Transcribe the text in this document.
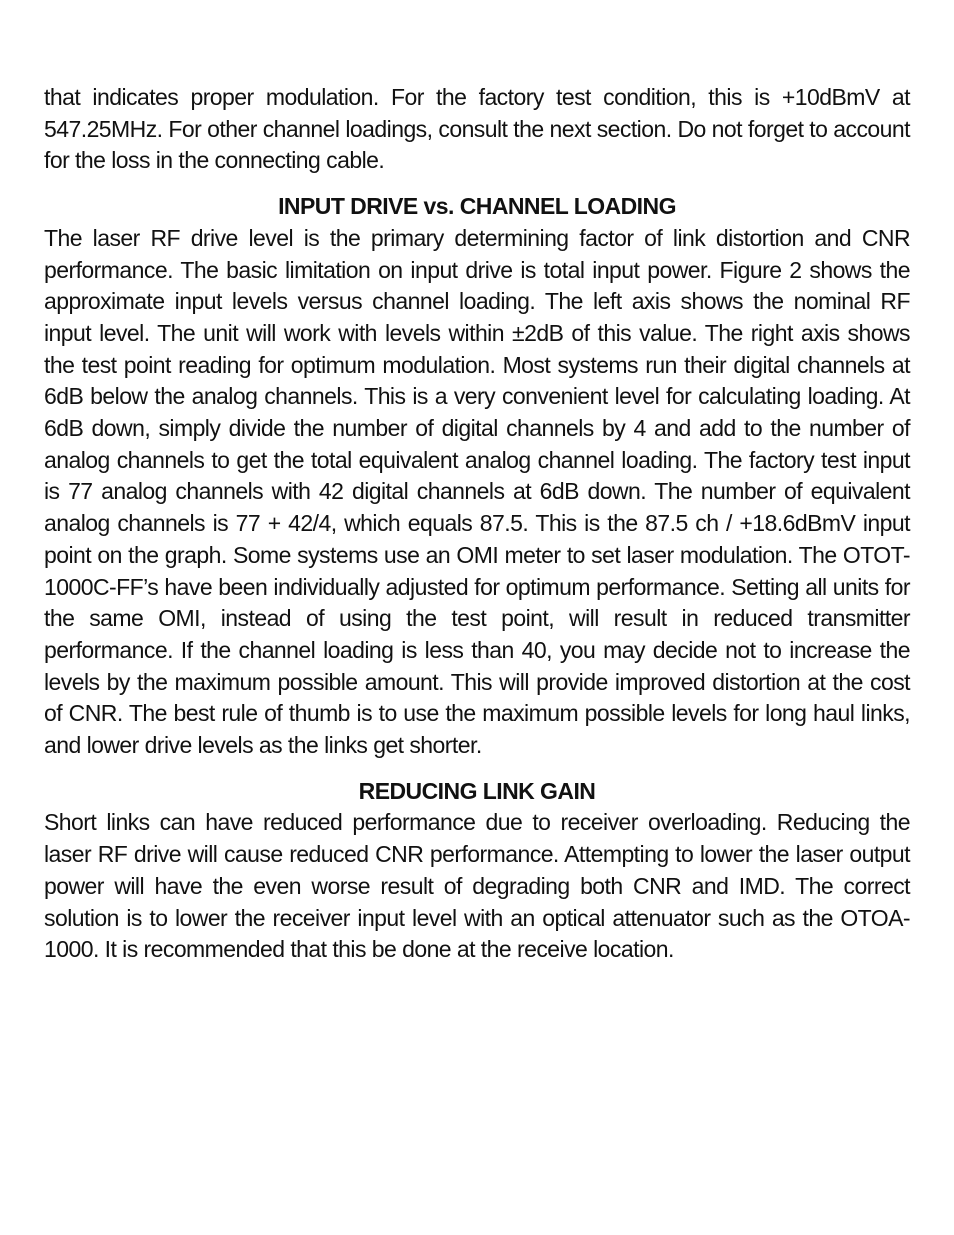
that indicates proper modulation. For the factory test condition, this is +10dBmV at 547.25MHz. For other channel loadings, consult the next section. Do not forget to account for the loss in the connecting cable.

INPUT DRIVE vs. CHANNEL LOADING

The laser RF drive level is the primary determining factor of link distortion and CNR performance. The basic limitation on input drive is total input power. Figure 2 shows the approximate input levels versus channel loading. The left axis shows the nominal RF input level. The unit will work with levels within ±2dB of this value. The right axis shows the test point reading for optimum modulation. Most systems run their digital channels at 6dB below the analog channels. This is a very convenient level for calculating loading. At 6dB down, simply divide the number of digital channels by 4 and add to the number of analog channels to get the total equivalent analog channel loading. The factory test input is 77 analog channels with 42 digital channels at 6dB down. The number of equivalent analog channels is 77 + 42/4, which equals 87.5. This is the 87.5 ch / +18.6dBmV input point on the graph. Some systems use an OMI meter to set laser modulation. The OTOT-1000C-FF’s have been individually adjusted for optimum performance. Setting all units for the same OMI, instead of using the test point, will result in reduced transmitter performance. If the channel loading is less than 40, you may decide not to increase the levels by the maximum possible amount. This will provide improved distortion at the cost of CNR. The best rule of thumb is to use the maximum possible levels for long haul links, and lower drive levels as the links get shorter.

REDUCING LINK GAIN

Short links can have reduced performance due to receiver overloading. Reducing the laser RF drive will cause reduced CNR performance. Attempting to lower the laser output power will have the even worse result of degrading both CNR and IMD. The correct solution is to lower the receiver input level with an optical attenuator such as the OTOA-1000. It is recommended that this be done at the receive location.
